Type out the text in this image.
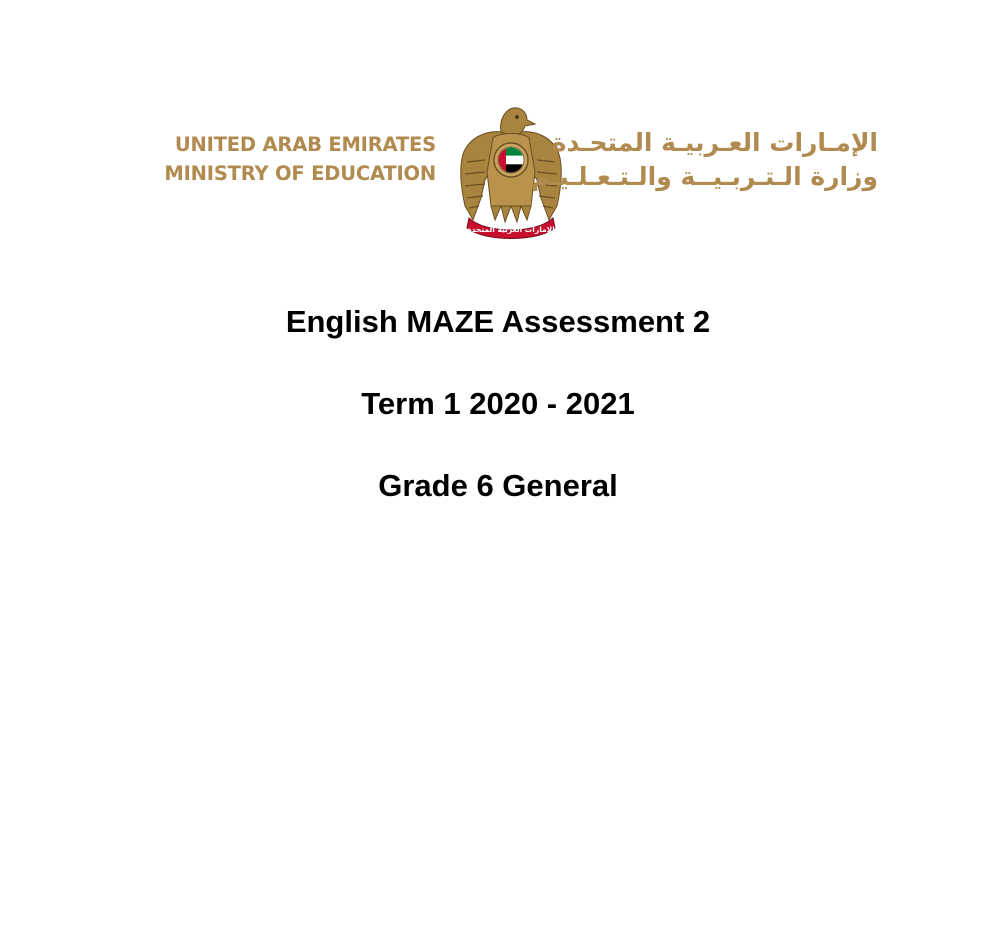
UNITED ARAB EMIRATES
MINISTRY OF EDUCATION
الإمارات العربية المتحدة
الإمـارات العـربيـة المتحـدة
وزارة الـتـربـيــة والـتـعـلـيـم
English MAZE Assessment 2
Term 1 2020 - 2021
Grade 6 General
